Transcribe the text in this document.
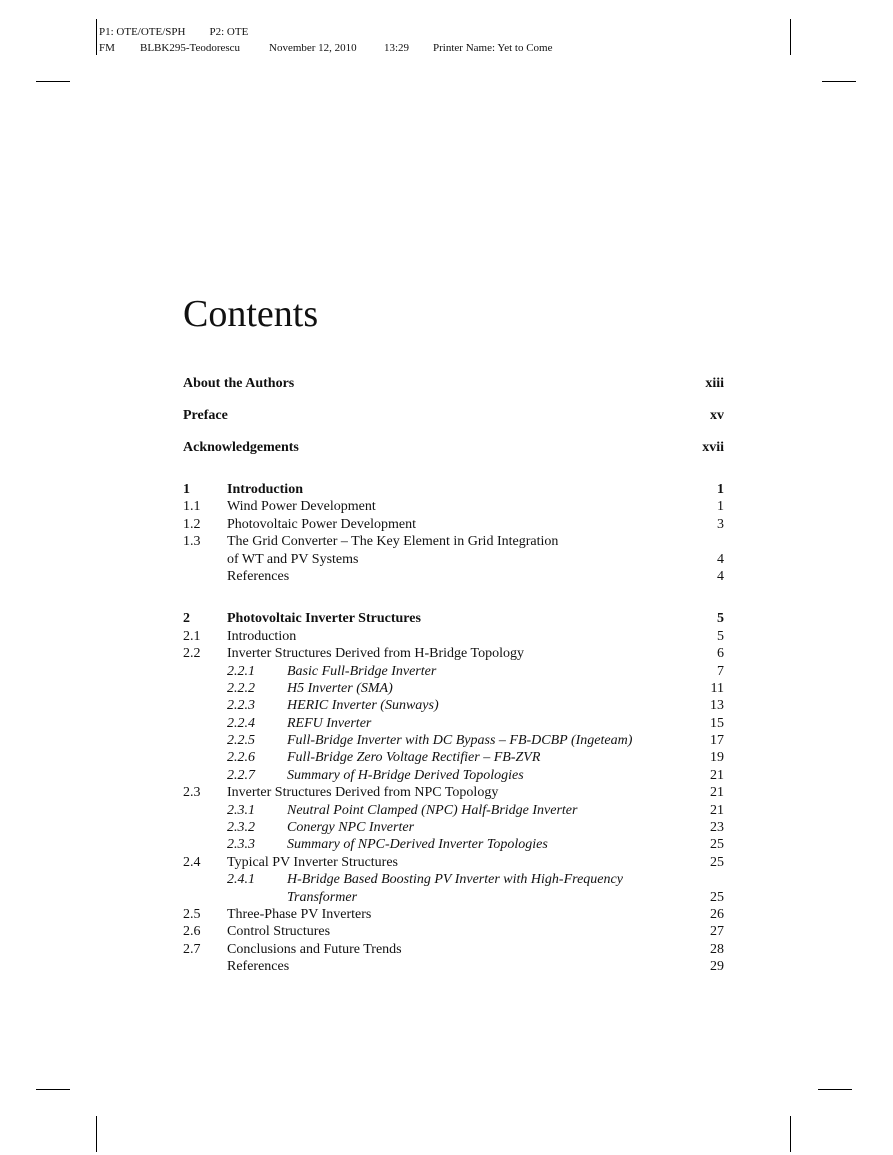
P1: OTE/OTE/SPH P2: OTE
FM BLBK295-Teodorescu	November 12, 2010 13:29 Printer Name: Yet to Come
Contents
About the Authors	xiii
Preface	xv
Acknowledgements	xvii
1	Introduction	1
1.1 Wind Power Development	1
1.2 Photovoltaic Power Development	3
1.3 The Grid Converter – The Key Element in Grid Integration
of WT and PV Systems	4
References	4
2	Photovoltaic Inverter Structures	5
2.1 Introduction	5
2.2 Inverter Structures Derived from H-Bridge Topology	6
2.2.1 Basic Full-Bridge Inverter	7
2.2.2 H5 Inverter (SMA)	11
2.2.3 HERIC Inverter (Sunways)	13
2.2.4 REFU Inverter	15
2.2.5 Full-Bridge Inverter with DC Bypass – FB-DCBP (Ingeteam)	17
2.2.6 Full-Bridge Zero Voltage Rectifier – FB-ZVR	19
2.2.7 Summary of H-Bridge Derived Topologies	21
2.3 Inverter Structures Derived from NPC Topology	21
2.3.1 Neutral Point Clamped (NPC) Half-Bridge Inverter	21
2.3.2 Conergy NPC Inverter	23
2.3.3 Summary of NPC-Derived Inverter Topologies	25
2.4 Typical PV Inverter Structures	25
2.4.1 H-Bridge Based Boosting PV Inverter with High-Frequency
Transformer	25
2.5 Three-Phase PV Inverters	26
2.6 Control Structures	27
2.7 Conclusions and Future Trends	28
References	29
